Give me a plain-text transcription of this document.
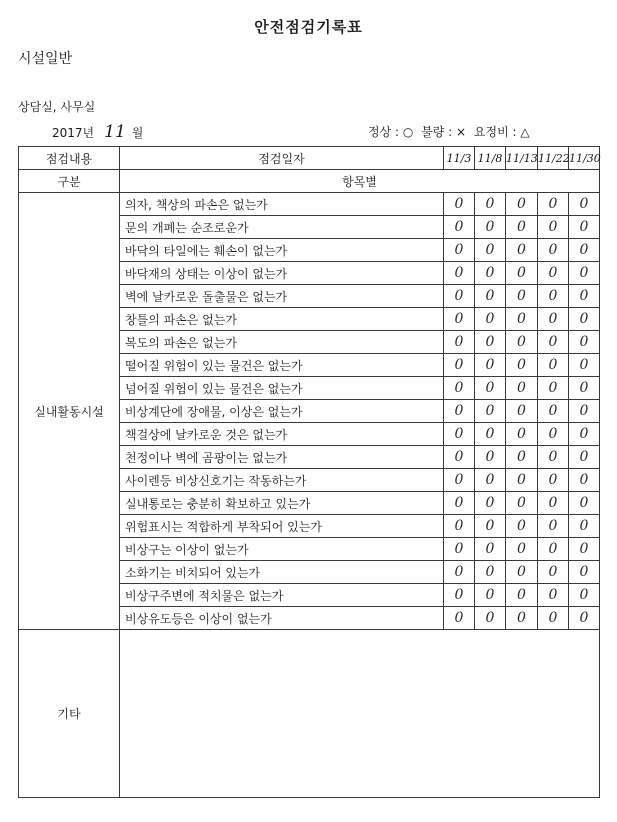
안전점검기록표
시설일반
상담실, 사무실
2017년 11 월	정상 : ○ 불량 : × 요정비 : △
점검내용	점검일자	11/3	11/8	11/13	11/22	11/30
구분	항목별					
실내활동시설	의자, 책상의 파손은 없는가	0	0	0	0	0
	문의 개폐는 순조로운가	0	0	0	0	0
	바닥의 타일에는 훼손이 없는가	0	0	0	0	0
	바닥재의 상태는 이상이 없는가	0	0	0	0	0
	벽에 날카로운 돌출물은 없는가	0	0	0	0	0
	창틀의 파손은 없는가	0	0	0	0	0
	복도의 파손은 없는가	0	0	0	0	0
	떨어질 위험이 있는 물건은 없는가	0	0	0	0	0
	넘어질 위험이 있는 물건은 없는가	0	0	0	0	0
	비상계단에 장애물, 이상은 없는가	0	0	0	0	0
	책걸상에 날카로운 것은 없는가	0	0	0	0	0
	천정이나 벽에 곰팡이는 없는가	0	0	0	0	0
	사이렌등 비상신호기는 작동하는가	0	0	0	0	0
	실내통로는 충분히 확보하고 있는가	0	0	0	0	0
	위험표시는 적합하게 부착되어 있는가	0	0	0	0	0
	비상구는 이상이 없는가	0	0	0	0	0
	소화기는 비치되어 있는가	0	0	0	0	0
	비상구주변에 적치물은 없는가	0	0	0	0	0
	비상유도등은 이상이 없는가	0	0	0	0	0
기타						
